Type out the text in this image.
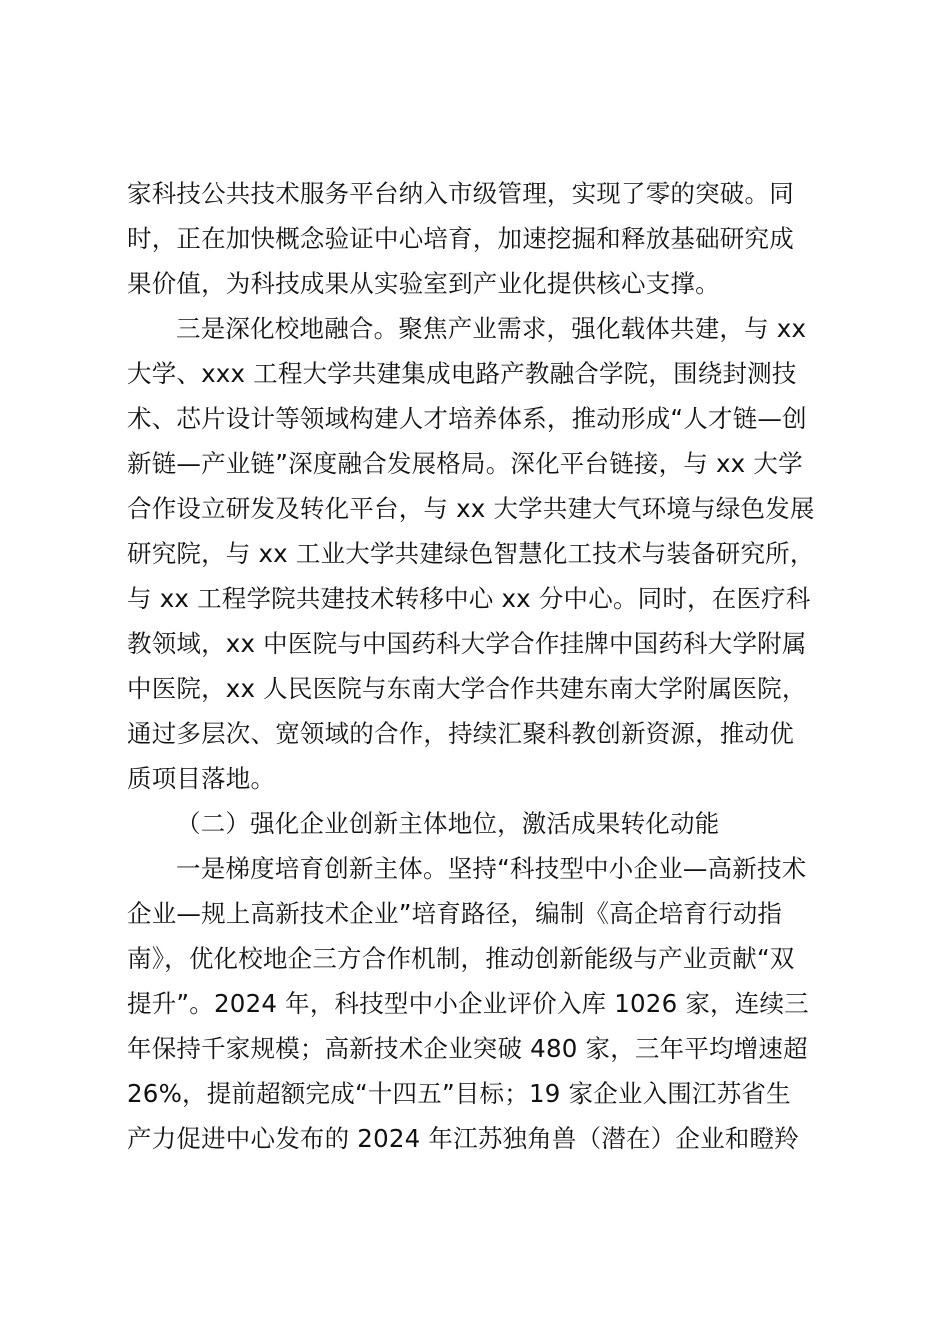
家科技公共技术服务平台纳入市级管理，实现了零的突破。同
时，正在加快概念验证中心培育，加速挖掘和释放基础研究成
果价值，为科技成果从实验室到产业化提供核心支撑。
三是深化校地融合。聚焦产业需求，强化载体共建，与 xx
大学、xxx 工程大学共建集成电路产教融合学院，围绕封测技
术、芯片设计等领域构建人才培养体系，推动形成“人才链—创
新链—产业链”深度融合发展格局。深化平台链接，与 xx 大学
合作设立研发及转化平台，与 xx 大学共建大气环境与绿色发展
研究院，与 xx 工业大学共建绿色智慧化工技术与装备研究所，
与 xx 工程学院共建技术转移中心 xx 分中心。同时，在医疗科
教领域，xx 中医院与中国药科大学合作挂牌中国药科大学附属
中医院，xx 人民医院与东南大学合作共建东南大学附属医院，
通过多层次、宽领域的合作，持续汇聚科教创新资源，推动优
质项目落地。
（二）强化企业创新主体地位，激活成果转化动能
一是梯度培育创新主体。坚持“科技型中小企业—高新技术
企业—规上高新技术企业”培育路径，编制《高企培育行动指
南》，优化校地企三方合作机制，推动创新能级与产业贡献“双
提升”。2024 年，科技型中小企业评价入库 1026 家，连续三
年保持千家规模；高新技术企业突破 480 家，三年平均增速超
26%，提前超额完成“十四五”目标；19 家企业入围江苏省生
产力促进中心发布的 2024 年江苏独角兽（潜在）企业和瞪羚
